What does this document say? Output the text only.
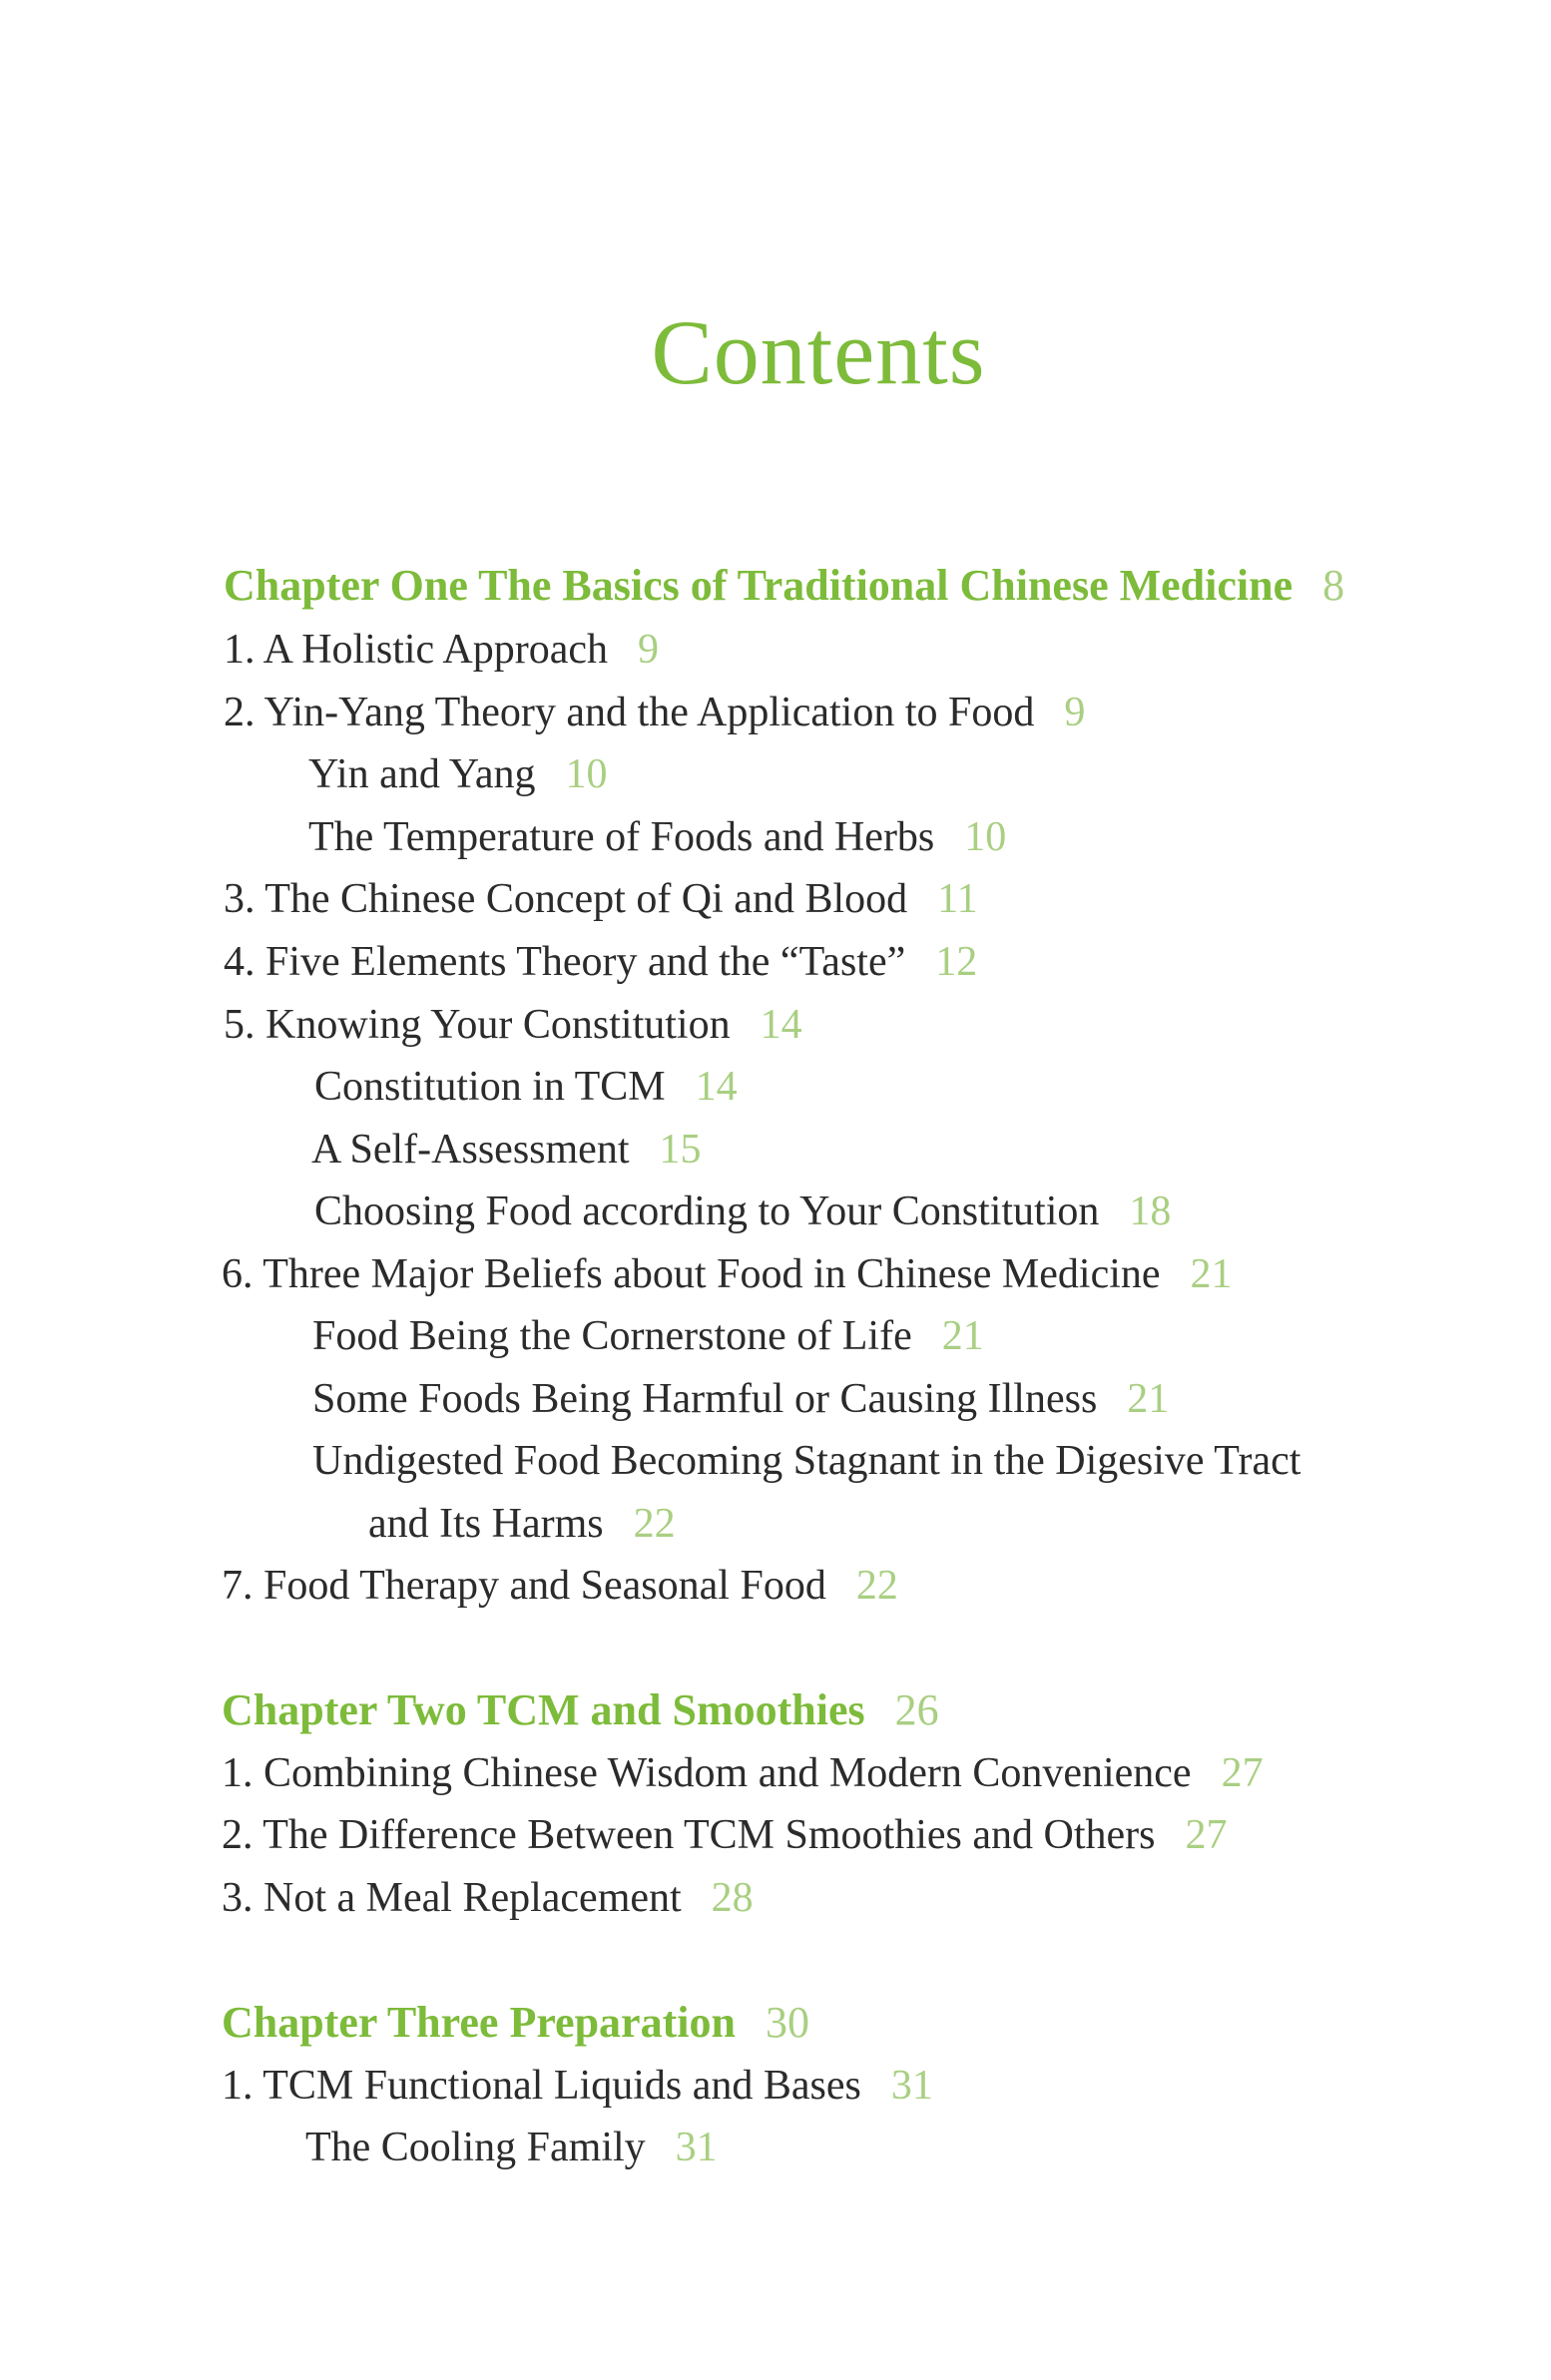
Contents
Chapter One The Basics of Traditional Chinese Medicine 8
1. A Holistic Approach 9
2. Yin-Yang Theory and the Application to Food 9
Yin and Yang 10
The Temperature of Foods and Herbs 10
3. The Chinese Concept of Qi and Blood 11
4. Five Elements Theory and the “Taste” 12
5. Knowing Your Constitution 14
Constitution in TCM 14
A Self-Assessment 15
Choosing Food according to Your Constitution 18
6. Three Major Beliefs about Food in Chinese Medicine 21
Food Being the Cornerstone of Life 21
Some Foods Being Harmful or Causing Illness 21
Undigested Food Becoming Stagnant in the Digesive Tract
and Its Harms 22
7. Food Therapy and Seasonal Food 22
Chapter Two TCM and Smoothies 26
1. Combining Chinese Wisdom and Modern Convenience 27
2. The Difference Between TCM Smoothies and Others 27
3. Not a Meal Replacement 28
Chapter Three Preparation 30
1. TCM Functional Liquids and Bases 31
The Cooling Family 31
